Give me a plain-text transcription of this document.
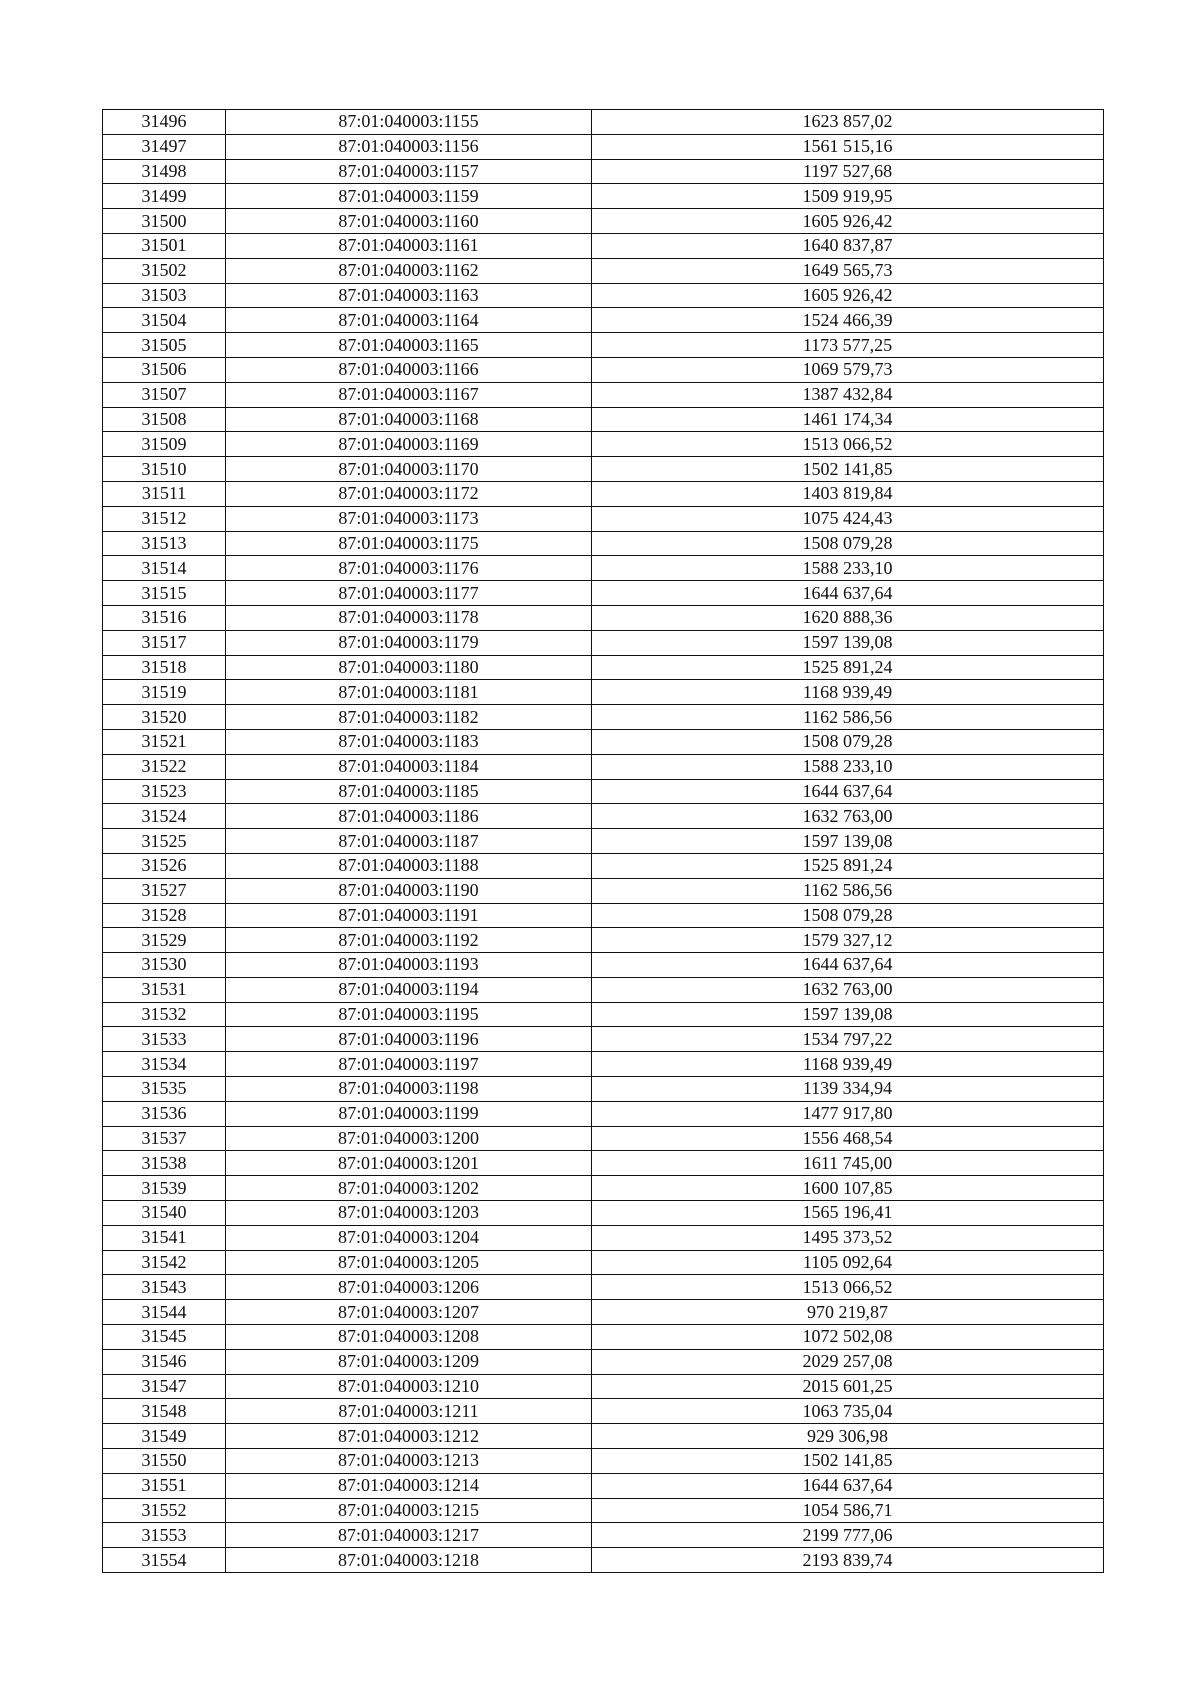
31496	87:01:040003:1155	1623 857,02
31497	87:01:040003:1156	1561 515,16
31498	87:01:040003:1157	1197 527,68
31499	87:01:040003:1159	1509 919,95
31500	87:01:040003:1160	1605 926,42
31501	87:01:040003:1161	1640 837,87
31502	87:01:040003:1162	1649 565,73
31503	87:01:040003:1163	1605 926,42
31504	87:01:040003:1164	1524 466,39
31505	87:01:040003:1165	1173 577,25
31506	87:01:040003:1166	1069 579,73
31507	87:01:040003:1167	1387 432,84
31508	87:01:040003:1168	1461 174,34
31509	87:01:040003:1169	1513 066,52
31510	87:01:040003:1170	1502 141,85
31511	87:01:040003:1172	1403 819,84
31512	87:01:040003:1173	1075 424,43
31513	87:01:040003:1175	1508 079,28
31514	87:01:040003:1176	1588 233,10
31515	87:01:040003:1177	1644 637,64
31516	87:01:040003:1178	1620 888,36
31517	87:01:040003:1179	1597 139,08
31518	87:01:040003:1180	1525 891,24
31519	87:01:040003:1181	1168 939,49
31520	87:01:040003:1182	1162 586,56
31521	87:01:040003:1183	1508 079,28
31522	87:01:040003:1184	1588 233,10
31523	87:01:040003:1185	1644 637,64
31524	87:01:040003:1186	1632 763,00
31525	87:01:040003:1187	1597 139,08
31526	87:01:040003:1188	1525 891,24
31527	87:01:040003:1190	1162 586,56
31528	87:01:040003:1191	1508 079,28
31529	87:01:040003:1192	1579 327,12
31530	87:01:040003:1193	1644 637,64
31531	87:01:040003:1194	1632 763,00
31532	87:01:040003:1195	1597 139,08
31533	87:01:040003:1196	1534 797,22
31534	87:01:040003:1197	1168 939,49
31535	87:01:040003:1198	1139 334,94
31536	87:01:040003:1199	1477 917,80
31537	87:01:040003:1200	1556 468,54
31538	87:01:040003:1201	1611 745,00
31539	87:01:040003:1202	1600 107,85
31540	87:01:040003:1203	1565 196,41
31541	87:01:040003:1204	1495 373,52
31542	87:01:040003:1205	1105 092,64
31543	87:01:040003:1206	1513 066,52
31544	87:01:040003:1207	970 219,87
31545	87:01:040003:1208	1072 502,08
31546	87:01:040003:1209	2029 257,08
31547	87:01:040003:1210	2015 601,25
31548	87:01:040003:1211	1063 735,04
31549	87:01:040003:1212	929 306,98
31550	87:01:040003:1213	1502 141,85
31551	87:01:040003:1214	1644 637,64
31552	87:01:040003:1215	1054 586,71
31553	87:01:040003:1217	2199 777,06
31554	87:01:040003:1218	2193 839,74
